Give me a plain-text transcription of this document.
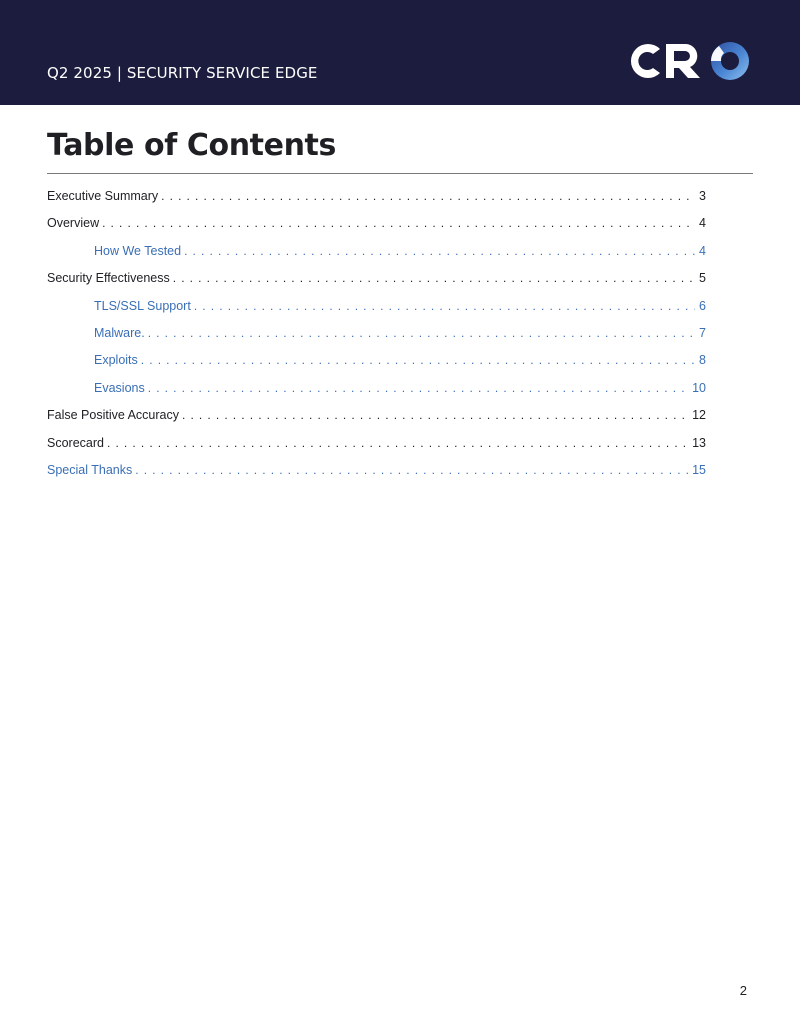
Q2 2025 | SECURITY SERVICE EDGE
Table of Contents
Executive Summary . . .	3
Overview . . .	4
How We Tested . . .	4
Security Effectiveness . . .	5
TLS/SSL Support . . .	6
Malware. . . .	7
Exploits . . .	8
Evasions . . .	10
False Positive Accuracy . . .	12
Scorecard . . .	13
Special Thanks . . .	15
2
